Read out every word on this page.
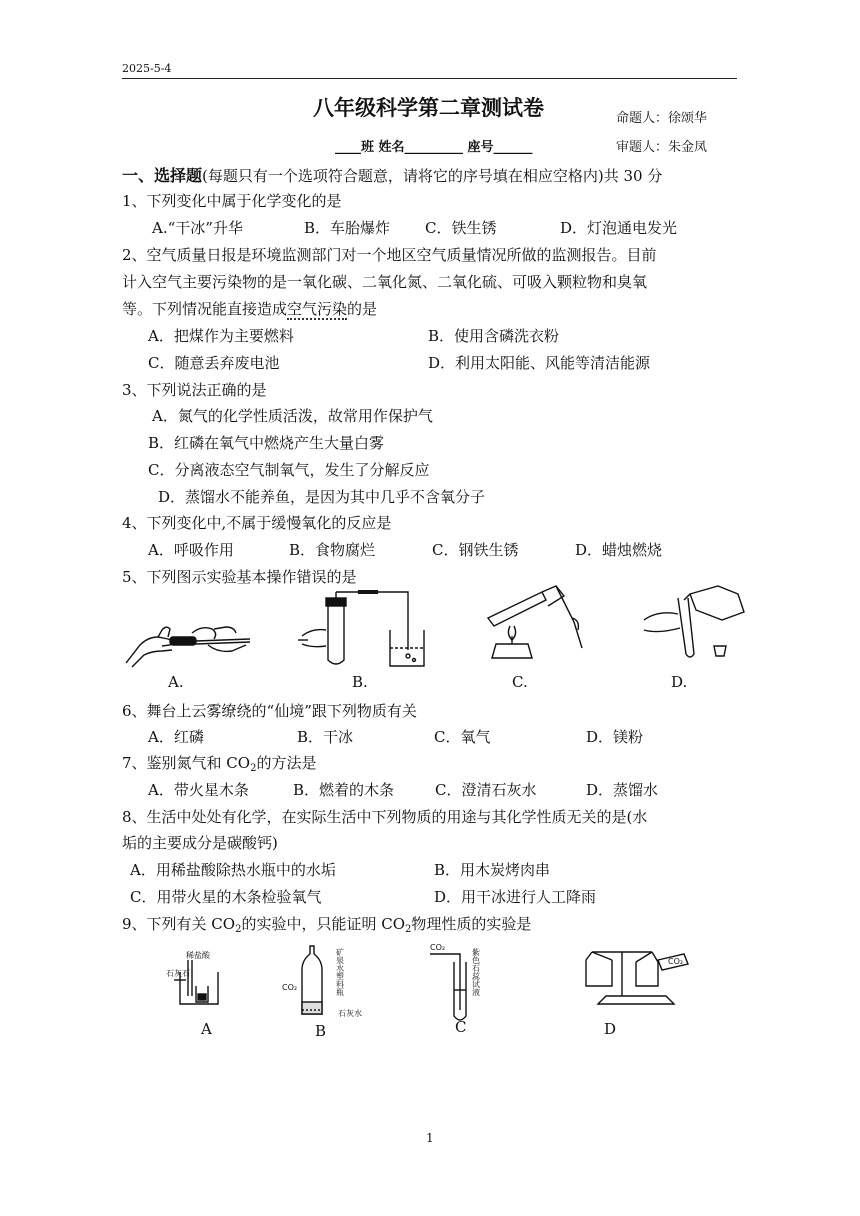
2025-5-4
八年级科学第二章测试卷	命题人：徐颂华
____班 姓名_________ 座号______	审题人：朱金凤
一、选择题(每题只有一个选项符合题意，请将它的序号填在相应空格内)共 30 分
1、下列变化中属于化学变化的是
A.“干冰”升华	B．车胎爆炸 C．铁生锈	D．灯泡通电发光
2、空气质量日报是环境监测部门对一个地区空气质量情况所做的监测报告。目前
计入空气主要污染物的是一氧化碳、二氧化氮、二氧化硫、可吸入颗粒物和臭氧
等。下列情况能直接造成空气污染的是
A．把煤作为主要燃料	B．使用含磷洗衣粉
C．随意丢弃废电池	D．利用太阳能、风能等清洁能源
3、下列说法正确的是
A．氮气的化学性质活泼，故常用作保护气
B．红磷在氧气中燃烧产生大量白雾
C．分离液态空气制氧气，发生了分解反应
D．蒸馏水不能养鱼，是因为其中几乎不含氧分子
4、下列变化中,不属于缓慢氧化的反应是
A．呼吸作用	B．食物腐烂	C．钢铁生锈	D．蜡烛燃烧
5、下列图示实验基本操作错误的是
A.	B.	C.	D.
6、舞台上云雾缭绕的“仙境”跟下列物质有关
A．红磷	B．干冰	C．氧气	D．镁粉
7、鉴别氮气和 $CO_2$的方法是
A．带火星木条	B．燃着的木条	C．澄清石灰水	D．蒸馏水
8、生活中处处有化学，在实际生活中下列物质的用途与其化学性质无关的是(水
垢的主要成分是碳酸钙)
A．用稀盐酸除热水瓶中的水垢	B．用木炭烤肉串
C．用带火星的木条检验氧气	D．用干冰进行人工降雨
9、下列有关 $CO_2$的实验中，只能证明 $CO_2$物理性质的实验是
稀盐酸
石灰石
CO₂	矿泉水塑料瓶
石灰水
CO₂
紫色石蕊试液	CO₂
A	B	C	D
1
